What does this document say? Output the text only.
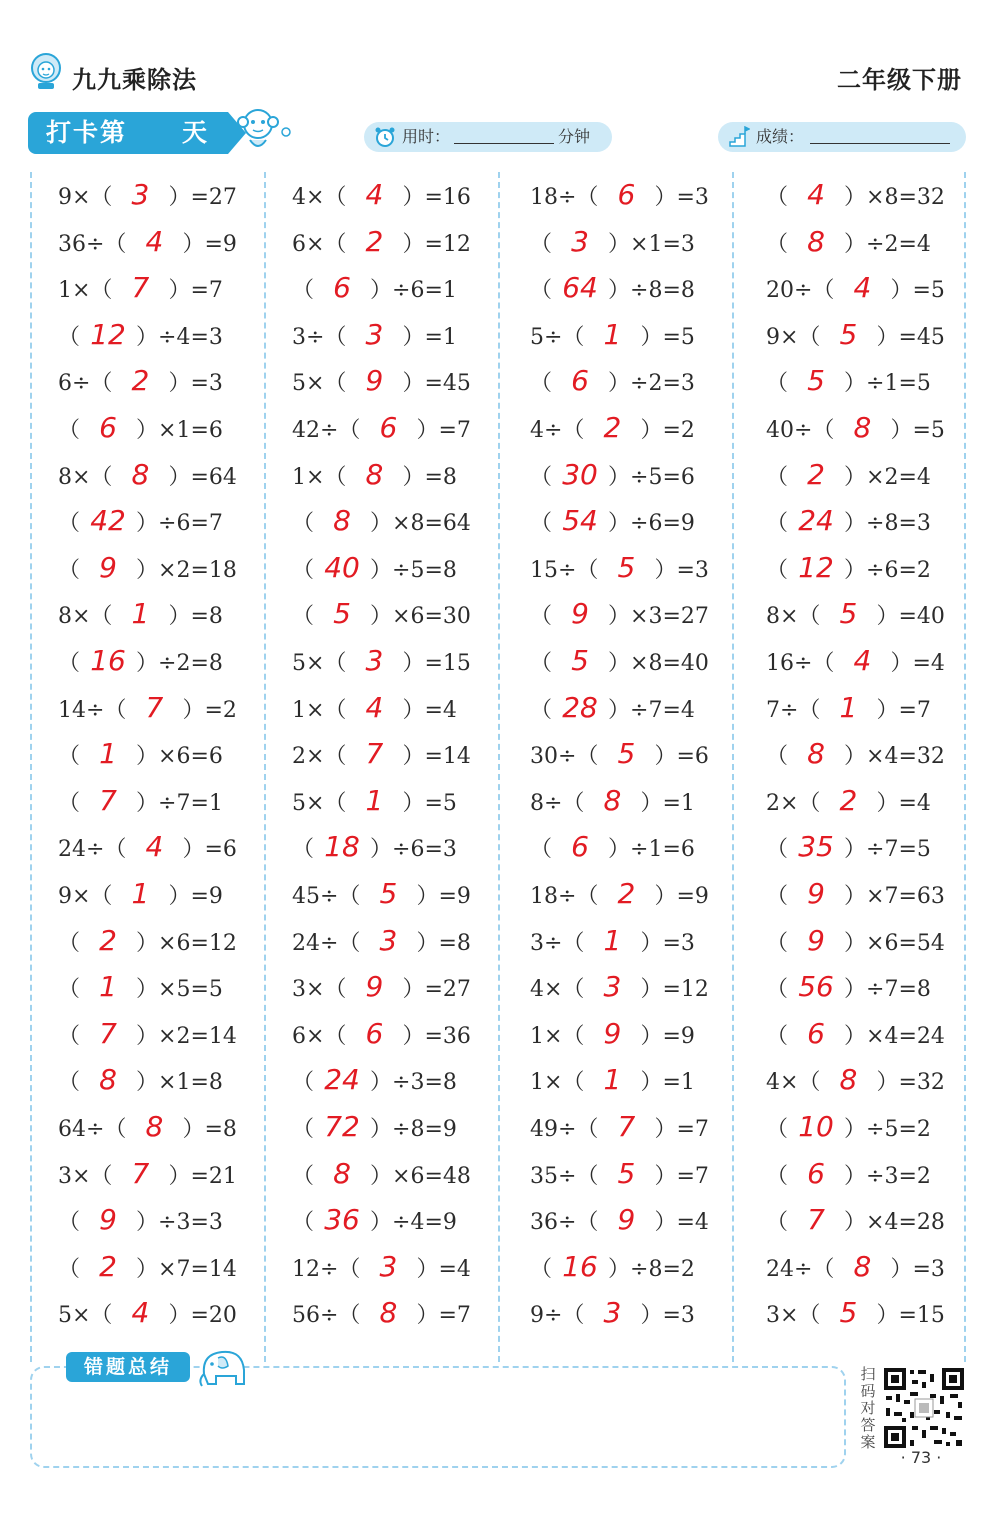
九九乘除法	二年级下册
打卡第 天	用时：	分钟	成绩：
9×（ 3 ）=27
36÷（ 4 ）=9
1×（ 7 ）=7
（ 12 ）÷4=3
6÷（ 2 ）=3
（ 6 ）×1=6
8×（ 8 ）=64
（ 42 ）÷6=7
（ 9 ）×2=18
8×（ 1 ）=8
（ 16 ）÷2=8
14÷（ 7 ）=2
（ 1 ）×6=6
（ 7 ）÷7=1
24÷（ 4 ）=6
9×（ 1 ）=9
（ 2 ）×6=12
（ 1 ）×5=5
（ 7 ）×2=14
（ 8 ）×1=8
64÷（ 8 ）=8
3×（ 7 ）=21
（ 9 ）÷3=3
（ 2 ）×7=14
5×（ 4 ）=20
4×（ 4 ）=16
6×（ 2 ）=12
（ 6 ）÷6=1
3÷（ 3 ）=1
5×（ 9 ）=45
42÷（ 6 ）=7
1×（ 8 ）=8
（ 8 ）×8=64
（ 40 ）÷5=8
（ 5 ）×6=30
5×（ 3 ）=15
1×（ 4 ）=4
2×（ 7 ）=14
5×（ 1 ）=5
（ 18 ）÷6=3
45÷（ 5 ）=9
24÷（ 3 ）=8
3×（ 9 ）=27
6×（ 6 ）=36
（ 24 ）÷3=8
（ 72 ）÷8=9
（ 8 ）×6=48
（ 36 ）÷4=9
12÷（ 3 ）=4
56÷（ 8 ）=7
18÷（ 6 ）=3
（ 3 ）×1=3
（ 64 ）÷8=8
5÷（ 1 ）=5
（ 6 ）÷2=3
4÷（ 2 ）=2
（ 30 ）÷5=6
（ 54 ）÷6=9
15÷（ 5 ）=3
（ 9 ）×3=27
（ 5 ）×8=40
（ 28 ）÷7=4
30÷（ 5 ）=6
8÷（ 8 ）=1
（ 6 ）÷1=6
18÷（ 2 ）=9
3÷（ 1 ）=3
4×（ 3 ）=12
1×（ 9 ）=9
1×（ 1 ）=1
49÷（ 7 ）=7
35÷（ 5 ）=7
36÷（ 9 ）=4
（ 16 ）÷8=2
9÷（ 3 ）=3
（ 4 ）×8=32
（ 8 ）÷2=4
20÷（ 4 ）=5
9×（ 5 ）=45
（ 5 ）÷1=5
40÷（ 8 ）=5
（ 2 ）×2=4
（ 24 ）÷8=3
（ 12 ）÷6=2
8×（ 5 ）=40
16÷（ 4 ）=4
7÷（ 1 ）=7
（ 8 ）×4=32
2×（ 2 ）=4
（ 35 ）÷7=5
（ 9 ）×7=63
（ 9 ）×6=54
（ 56 ）÷7=8
（ 6 ）×4=24
4×（ 8 ）=32
（ 10 ）÷5=2
（ 6 ）÷3=2
（ 7 ）×4=28
24÷（ 8 ）=3
3×（ 5 ）=15
错题总结	扫码对答案
· 73 ·
